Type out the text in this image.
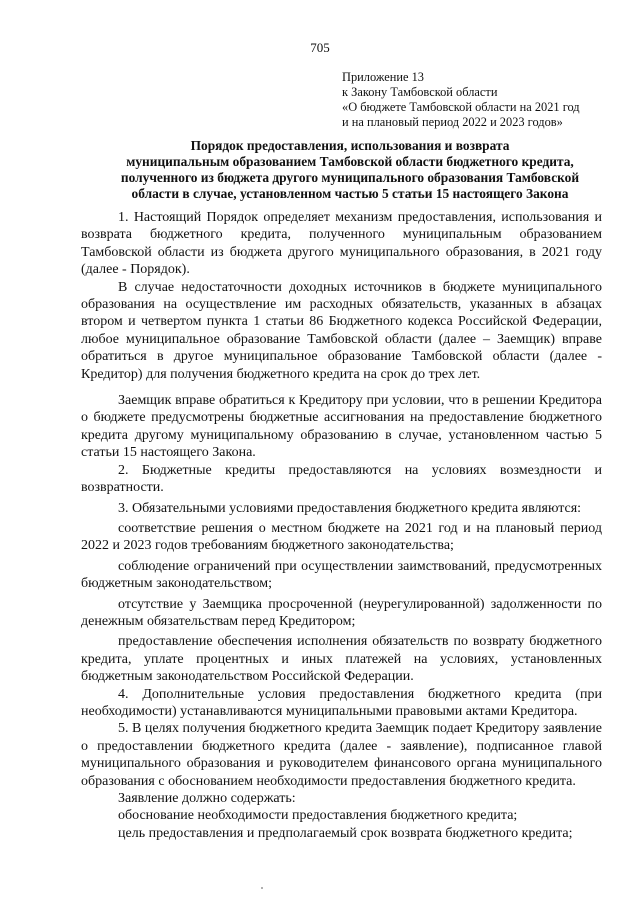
705
Приложение 13
к Закону Тамбовской области
«О бюджете Тамбовской области на 2021 год
и на плановый период 2022 и 2023 годов»
Порядок предоставления, использования и возврата
муниципальным образованием Тамбовской области бюджетного кредита,
полученного из бюджета другого муниципального образования Тамбовской
области в случае, установленном частью 5 статьи 15 настоящего Закона

1. Настоящий Порядок определяет механизм предоставления, использования и возврата бюджетного кредита, полученного муниципальным образованием Тамбовской области из бюджета другого муниципального образования, в 2021 году (далее - Порядок).

В случае недостаточности доходных источников в бюджете муниципального образования на осуществление им расходных обязательств, указанных в абзацах втором и четвертом пункта 1 статьи 86 Бюджетного кодекса Российской Федерации, любое муниципальное образование Тамбовской области (далее – Заемщик) вправе обратиться в другое муниципальное образование Тамбовской области (далее - Кредитор) для получения бюджетного кредита на срок до трех лет.

Заемщик вправе обратиться к Кредитору при условии, что в решении Кредитора о бюджете предусмотрены бюджетные ассигнования на предоставление бюджетного кредита другому муниципальному образованию в случае, установленном частью 5 статьи 15 настоящего Закона.

2. Бюджетные кредиты предоставляются на условиях возмездности и возвратности.

3. Обязательными условиями предоставления бюджетного кредита являются:

соответствие решения о местном бюджете на 2021 год и на плановый период 2022 и 2023 годов требованиям бюджетного законодательства;

соблюдение ограничений при осуществлении заимствований, предусмотренных бюджетным законодательством;

отсутствие у Заемщика просроченной (неурегулированной) задолженности по денежным обязательствам перед Кредитором;

предоставление обеспечения исполнения обязательств по возврату бюджетного кредита, уплате процентных и иных платежей на условиях, установленных бюджетным законодательством Российской Федерации.

4. Дополнительные условия предоставления бюджетного кредита (при необходимости) устанавливаются муниципальными правовыми актами Кредитора.

5. В целях получения бюджетного кредита Заемщик подает Кредитору заявление о предоставлении бюджетного кредита (далее - заявление), подписанное главой муниципального образования и руководителем финансового органа муниципального образования с обоснованием необходимости предоставления бюджетного кредита.

Заявление должно содержать:

обоснование необходимости предоставления бюджетного кредита;

цель предоставления и предполагаемый срок возврата бюджетного кредита;
